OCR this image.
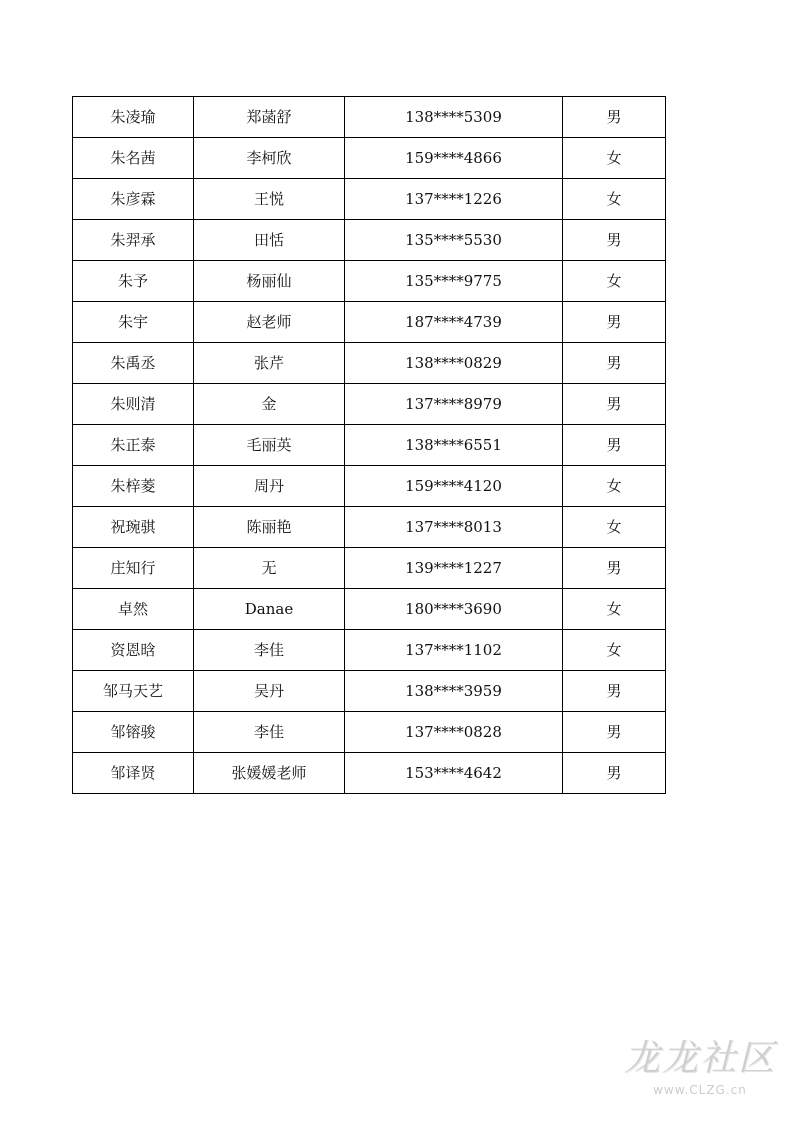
朱凌瑜	郑菡舒	138****5309	男
朱名茜	李柯欣	159****4866	女
朱彦霖	王悦	137****1226	女
朱羿承	田恬	135****5530	男
朱予	杨丽仙	135****9775	女
朱宇	赵老师	187****4739	男
朱禹丞	张芹	138****0829	男
朱则清	金	137****8979	男
朱正泰	毛丽英	138****6551	男
朱梓菱	周丹	159****4120	女
祝琬骐	陈丽艳	137****8013	女
庄知行	无	139****1227	男
卓然	Danae	180****3690	女
资恩晗	李佳	137****1102	女
邹马天艺	吴丹	138****3959	男
邹镕骏	李佳	137****0828	男
邹译贤	张媛媛老师	153****4642	男
龙龙社区
www.CLZG.cn
